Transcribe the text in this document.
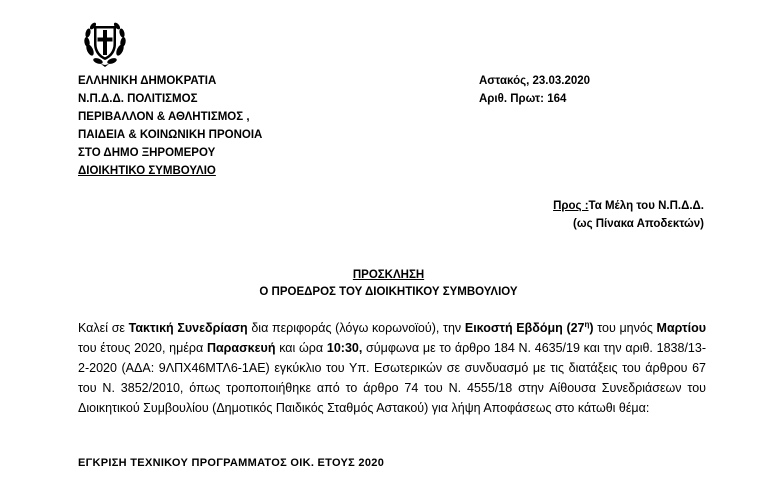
ΕΛΛΗΝΙΚΗ ΔΗΜΟΚΡΑΤΙΑ
Ν.Π.Δ.Δ. ΠΟΛΙΤΙΣΜΟΣ
ΠΕΡΙΒΑΛΛΟΝ & ΑΘΛΗΤΙΣΜΟΣ ,
ΠΑΙΔΕΙΑ & ΚΟΙΝΩΝΙΚΗ ΠΡΟΝΟΙΑ
ΣΤΟ ΔΗΜΟ ΞΗΡΟΜΕΡΟΥ
ΔΙΟΙΚΗΤΙΚΟ ΣΥΜΒΟΥΛΙΟ
Αστακός, 23.03.2020
Αριθ. Πρωτ: 164
Προς :Τα Μέλη του Ν.Π.Δ.Δ.
(ως Πίνακα Αποδεκτών)
ΠΡΟΣΚΛΗΣΗ
Ο ΠΡΟΕΔΡΟΣ ΤΟΥ ΔΙΟΙΚΗΤΙΚΟΥ ΣΥΜΒΟΥΛΙΟΥ
Καλεί σε Τακτική Συνεδρίαση δια περιφοράς (λόγω κορωνοϊού), την Εικοστή Εβδόμη $(27^\eta)$ του μηνός Μαρτίου του έτους 2020, ημέρα Παρασκευή και ώρα 10:30, σύμφωνα με το άρθρο 184 Ν. 4635/19 και την αριθ. 1838/13-2-2020 (ΑΔΑ: 9ΛΠΧ46ΜΤΛ6-1ΑΕ) εγκύκλιο του Υπ. Εσωτερικών σε συνδυασμό με τις διατάξεις του άρθρου 67 του Ν. 3852/2010, όπως τροποποιήθηκε από το άρθρο 74 του Ν. 4555/18 στην Αίθουσα Συνεδριάσεων του Διοικητικού Συμβουλίου (Δημοτικός Παιδικός Σταθμός Αστακού) για λήψη Αποφάσεως στο κάτωθι θέμα:
ΕΓΚΡΙΣΗ ΤΕΧΝΙΚΟΥ ΠΡΟΓΡΑΜΜΑΤΟΣ ΟΙΚ. ΕΤΟΥΣ 2020
